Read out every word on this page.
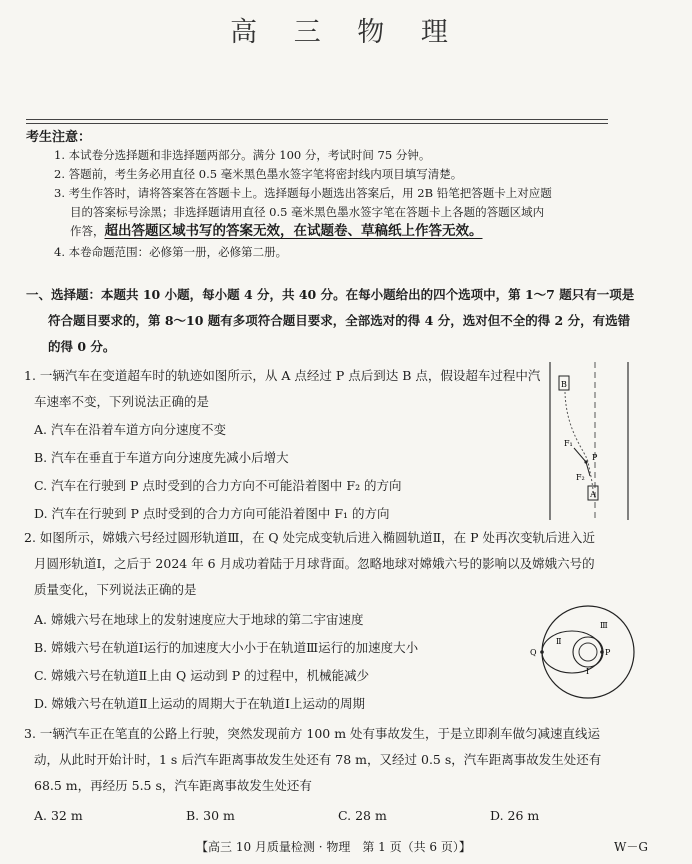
高 三 物 理
考生注意：
1. 本试卷分选择题和非选择题两部分。满分 100 分，考试时间 75 分钟。
2. 答题前，考生务必用直径 0.5 毫米黑色墨水签字笔将密封线内项目填写清楚。
3. 考生作答时，请将答案答在答题卡上。选择题每小题选出答案后，用 2B 铅笔把答题卡上对应题
目的答案标号涂黑；非选择题请用直径 0.5 毫米黑色墨水签字笔在答题卡上各题的答题区域内
作答，超出答题区域书写的答案无效，在试题卷、草稿纸上作答无效。
4. 本卷命题范围：必修第一册，必修第二册。
一、选择题：本题共 10 小题，每小题 4 分，共 40 分。在每小题给出的四个选项中，第 1～7 题只有一项是
符合题目要求的，第 8～10 题有多项符合题目要求，全部选对的得 4 分，选对但不全的得 2 分，有选错
的得 0 分。
1. 一辆汽车在变道超车时的轨迹如图所示，从 A 点经过 P 点后到达 B 点，假设超车过程中汽
车速率不变，下列说法正确的是
A. 汽车在沿着车道方向分速度不变
B. 汽车在垂直于车道方向分速度先减小后增大
C. 汽车在行驶到 P 点时受到的合力方向不可能沿着图中 F₂ 的方向
D. 汽车在行驶到 P 点时受到的合力方向可能沿着图中 F₁ 的方向
B
F₁
P
F₂
A
2. 如图所示，嫦娥六号经过圆形轨道Ⅲ，在 Q 处完成变轨后进入椭圆轨道Ⅱ，在 P 处再次变轨后进入近
月圆形轨道Ⅰ，之后于 2024 年 6 月成功着陆于月球背面。忽略地球对嫦娥六号的影响以及嫦娥六号的
质量变化，下列说法正确的是
A. 嫦娥六号在地球上的发射速度应大于地球的第二宇宙速度
B. 嫦娥六号在轨道Ⅰ运行的加速度大小小于在轨道Ⅲ运行的加速度大小
C. 嫦娥六号在轨道Ⅱ上由 Q 运动到 P 的过程中，机械能减少
D. 嫦娥六号在轨道Ⅱ上运动的周期大于在轨道Ⅰ上运动的周期
Ⅲ
Ⅱ
Ⅰ
Q	P
3. 一辆汽车正在笔直的公路上行驶，突然发现前方 100 m 处有事故发生，于是立即刹车做匀减速直线运
动，从此时开始计时，1 s 后汽车距离事故发生处还有 78 m，又经过 0.5 s，汽车距离事故发生处还有
68.5 m，再经历 5.5 s，汽车距离事故发生处还有
A. 32 m	B. 30 m	C. 28 m	D. 26 m
【高三 10 月质量检测 · 物理　第 1 页（共 6 页）】	W－G
